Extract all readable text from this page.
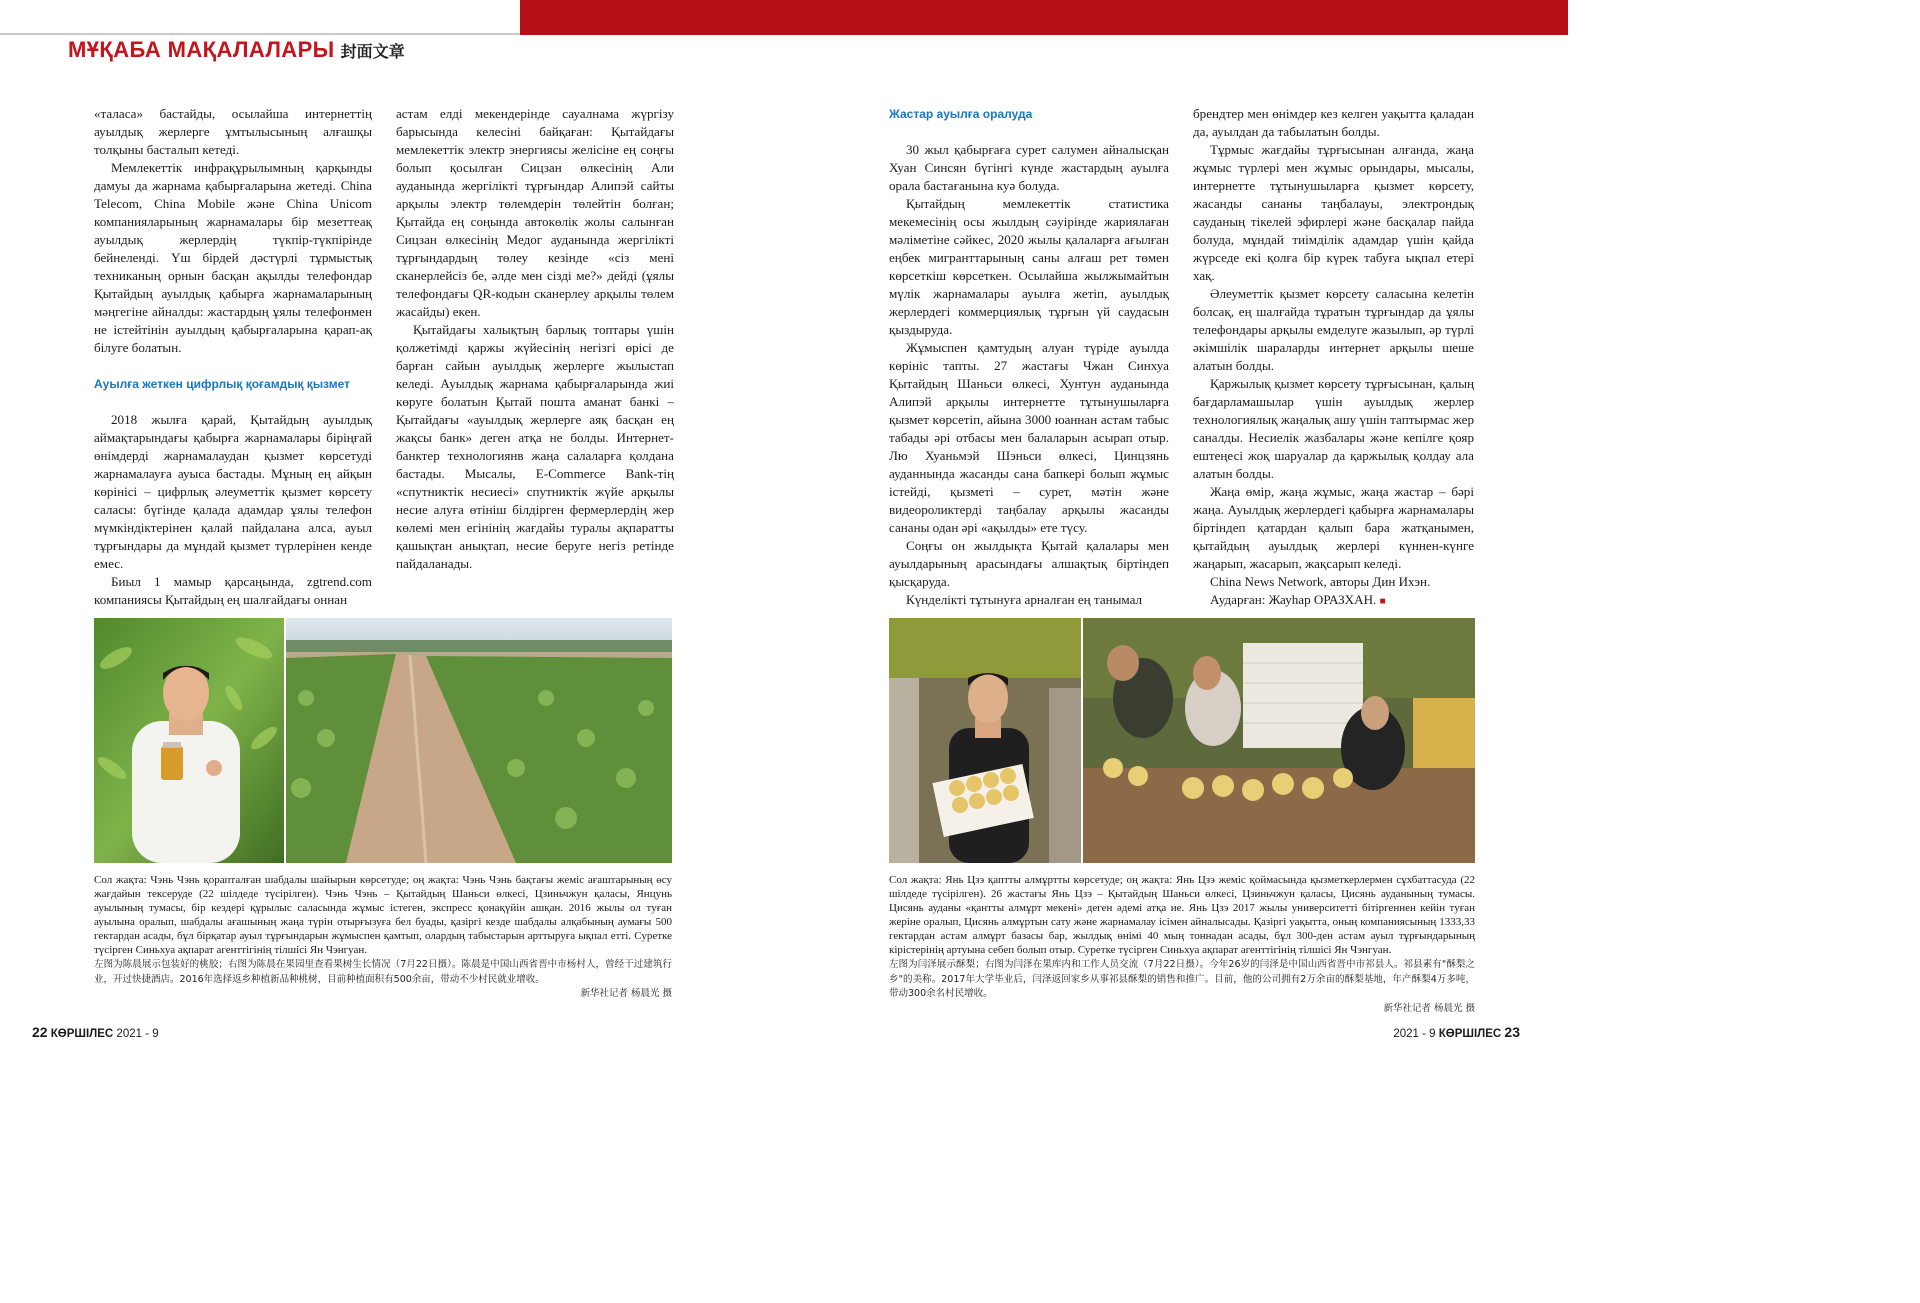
МҰҚАБА МАҚАЛАЛАРЫ 封面文章

«таласа» бастайды, осылайша интернеттің ауылдық жерлерге ұмтылысының алғашқы толқыны басталып кетеді.

Мемлекеттік инфрақұрылымның қарқынды дамуы да жарнама қабырғаларына жетеді. China Telecom, China Mobile және China Unicom компанияларының жарнамалары бір мезеттеақ ауылдық жерлердің түкпір-түкпірінде бейнеленді. Үш бірдей дәстүрлі тұрмыстық техниканың орнын басқан ақылды телефондар Қытайдың ауылдық қабырға жарнамаларының мәңгегіне айналды: жастардың ұялы телефонмен не істейтінін ауылдың қабырғаларына қарап-ақ білуге болатын.

Ауылға жеткен цифрлық қоғамдық қызмет

2018 жылға қарай, Қытайдың ауылдық аймақтарындағы қабырға жарнамалары біріңғай өнімдерді жарнамалаудан қызмет көрсетуді жарнамалауға ауыса бастады. Мұның ең айқын көрінісі – цифрлық әлеуметтік қызмет көрсету саласы: бүгінде қалада адамдар ұялы телефон мүмкіндіктерінен қалай пайдалана алса, ауыл тұрғындары да мұндай қызмет түрлерінен кенде емес.

Биыл 1 мамыр қарсаңында, zgtrend.com компаниясы Қытайдың ең шалғайдағы оннан

астам елді мекендерінде сауалнама жүргізу барысында келесіні байқаған: Қытайдағы мемлекеттік электр энергиясы желісіне ең соңғы болып қосылған Сицзан өлкесінің Али ауданында жергілікті тұрғындар Алипэй сайты арқылы электр төлемдерін төлейтін болған; Қытайда ең соңында автокөлік жолы салынған Сицзан өлкесінің Медог ауданында жергілікті тұрғындардың төлеу кезінде «сіз мені сканерлейсіз бе, әлде мен сізді ме?» дейді (ұялы телефондағы QR-кодын сканерлеу арқылы төлем жасайды) екен.

Қытайдағы халықтың барлық топтары үшін қолжетімді қаржы жүйесінің негізгі өрісі де барған сайын ауылдық жерлерге жылыстап келеді. Ауылдық жарнама қабырғаларында жиі көруге болатын Қытай пошта аманат банкі – Қытайдағы «ауылдық жерлерге аяқ басқан ең жақсы банк» деген атқа не болды. Интернет-банктер технологиянв жаңа салаларға қолдана бастады. Мысалы, E-Commerce Bank-тің «спутниктік несиесі» спутниктік жүйе арқылы несие алуға өтініш білдірген фермерлердің жер көлемі мен егінінің жағдайы туралы ақпаратты қашықтан анықтап, несие беруге негіз ретінде пайдаланады.

Жастар ауылға оралуда

30 жыл қабырғаға сурет салумен айналысқан Хуан Синсян бүгінгі күнде жастардың ауылға орала бастағанына куә болуда.

Қытайдың мемлекеттік статистика мекемесінің осы жылдың сәуірінде жариялаған мәліметіне сәйкес, 2020 жылы қалаларға ағылған еңбек мигранттарының саны алғаш рет төмен көрсеткіш көрсеткен. Осылайша жылжымайтын мүлік жарнамалары ауылға жетіп, ауылдық жерлердегі коммерциялық тұрғын үй саудасын қыздыруда.

Жұмыспен қамтудың алуан түріде ауылда көрініс тапты. 27 жастағы Чжан Синхуа Қытайдың Шаньси өлкесі, Хунтун ауданында Алипэй арқылы интернетте тұтынушыларға қызмет көрсетіп, айына 3000 юаннан астам табыс табады әрі отбасы мен балаларын асырап отыр. Лю Хуаньмэй Шэньси өлкесі, Цинцзянь ауданнында жасанды сана бапкері болып жұмыс істейді, қызметі – сурет, мәтін және видеороликтерді таңбалау арқылы жасанды сананы одан әрі «ақылды» ете түсу.

Соңғы он жылдықта Қытай қалалары мен ауылдарының арасындағы алшақтық біртіндеп қысқаруда.

Күнделікті тұтынуға арналған ең танымал

брендтер мен өнімдер кез келген уақытта қаладан да, ауылдан да табылатын болды.

Тұрмыс жағдайы тұрғысынан алғанда, жаңа жұмыс түрлері мен жұмыс орындары, мысалы, интернетте тұтынушыларға қызмет көрсету, жасанды сананы таңбалауы, электрондық сауданың тікелей эфирлері және басқалар пайда болуда, мұндай тиімділік адамдар үшін қайда жүрседе екі қолға бір күрек табуға ықпал етері хақ.

Әлеуметтік қызмет көрсету саласына келетін болсақ, ең шалғайда тұратын тұрғындар да ұялы телефондары арқылы емделуге жазылып, әр түрлі әкімшілік шараларды интернет арқылы шеше алатын болды.

Қаржылық қызмет көрсету тұрғысынан, қалың бағдарламашылар үшін ауылдық жерлер технологиялық жаңалық ашу үшін таптырмас жер саналды. Несиелік жазбалары және кепілге қояр ештеңесі жоқ шаруалар да қаржылық қолдау ала алатын болды.

Жаңа өмір, жаңа жұмыс, жаңа жастар – бәрі жаңа. Ауылдық жерлердегі қабырға жарнамалары біртіндеп қатардан қалып бара жатқанымен, қытайдың ауылдық жерлері күннен-күнге жаңарып, жасарып, жақсарып келеді.

China News Network, авторы Дин Ихэн.

Аударған: Жауһар ОРАЗХАН. ■

Сол жақта: Чэнь Чэнь қорапталған шабдалы шайырын көрсетуде; оң жақта: Чэнь Чэнь бақтағы жеміс ағаштарының өсу жағдайын тексеруде (22 шілдеде түсірілген). Чэнь Чэнь – Қытайдың Шаньси өлкесі, Цзиньчжун қаласы, Янцунь ауылының тумасы, бір кездері құрылыс саласында жұмыс істеген, экспресс қонақүйін ашқан. 2016 жылы ол туған ауылына оралып, шабдалы ағашының жаңа түрін отырғызуға бел буады, қазіргі кезде шабдалы алқабының аумағы 500 гектардан асады, бұл бірқатар ауыл тұрғындарын жұмыспен қамтып, олардың табыстарын арттыруға ықпал етті. Суретке түсірген Синьхуа ақпарат агенттігінің тілшісі Ян Чэнгуан.

左图为陈晨展示包装好的桃胶；右图为陈晨在果园里查看果树生长情况（7月22日摄）。陈晨是中国山西省晋中市杨村人，曾经干过建筑行业，开过快捷酒店。2016年选择返乡种植新品种桃树，目前种植面积有500余亩，带动不少村民就业增收。

新华社记者 杨晨光 摄

Сол жақта: Янь Цзэ қаптты алмұртты көрсетуде; оң жақта: Янь Цзэ жеміс қоймасында қызметкерлермен сұхбаттасуда (22 шілдеде түсірілген). 26 жастағы Янь Цзэ – Қытайдың Шаньси өлкесі, Цзиньчжун қаласы, Цисянь ауданының тумасы. Цисянь ауданы «қантты алмұрт мекені» деген әдемі атқа ие. Янь Цзэ 2017 жылы университетті бітіргеннен кейін туған жеріне оралып, Цисянь алмұртын сату және жарнамалау ісімен айналысады. Қазіргі уақытта, оның компаниясының 1333,33 гектардан астам алмұрт базасы бар, жылдық өнімі 40 мың тоннадан асады, бұл 300-ден астам ауыл тұрғындарының кірістерінің артуына себеп болып отыр. Суретке түсірген Синьхуа ақпарат агенттігінің тілшісі Ян Чэнгуан.

左图为闫泽展示酥梨；右图为闫泽在果库内和工作人员交流（7月22日摄）。今年26岁的闫泽是中国山西省晋中市祁县人。祁县素有"酥梨之乡"的美称。2017年大学毕业后，闫泽返回家乡从事祁县酥梨的销售和推广。目前，他的公司拥有2万余亩的酥梨基地，年产酥梨4万多吨，带动300余名村民增收。

新华社记者 杨晨光 摄

22 КӨРШІЛЕС 2021 - 9	2021 - 9 КӨРШІЛЕС 23
